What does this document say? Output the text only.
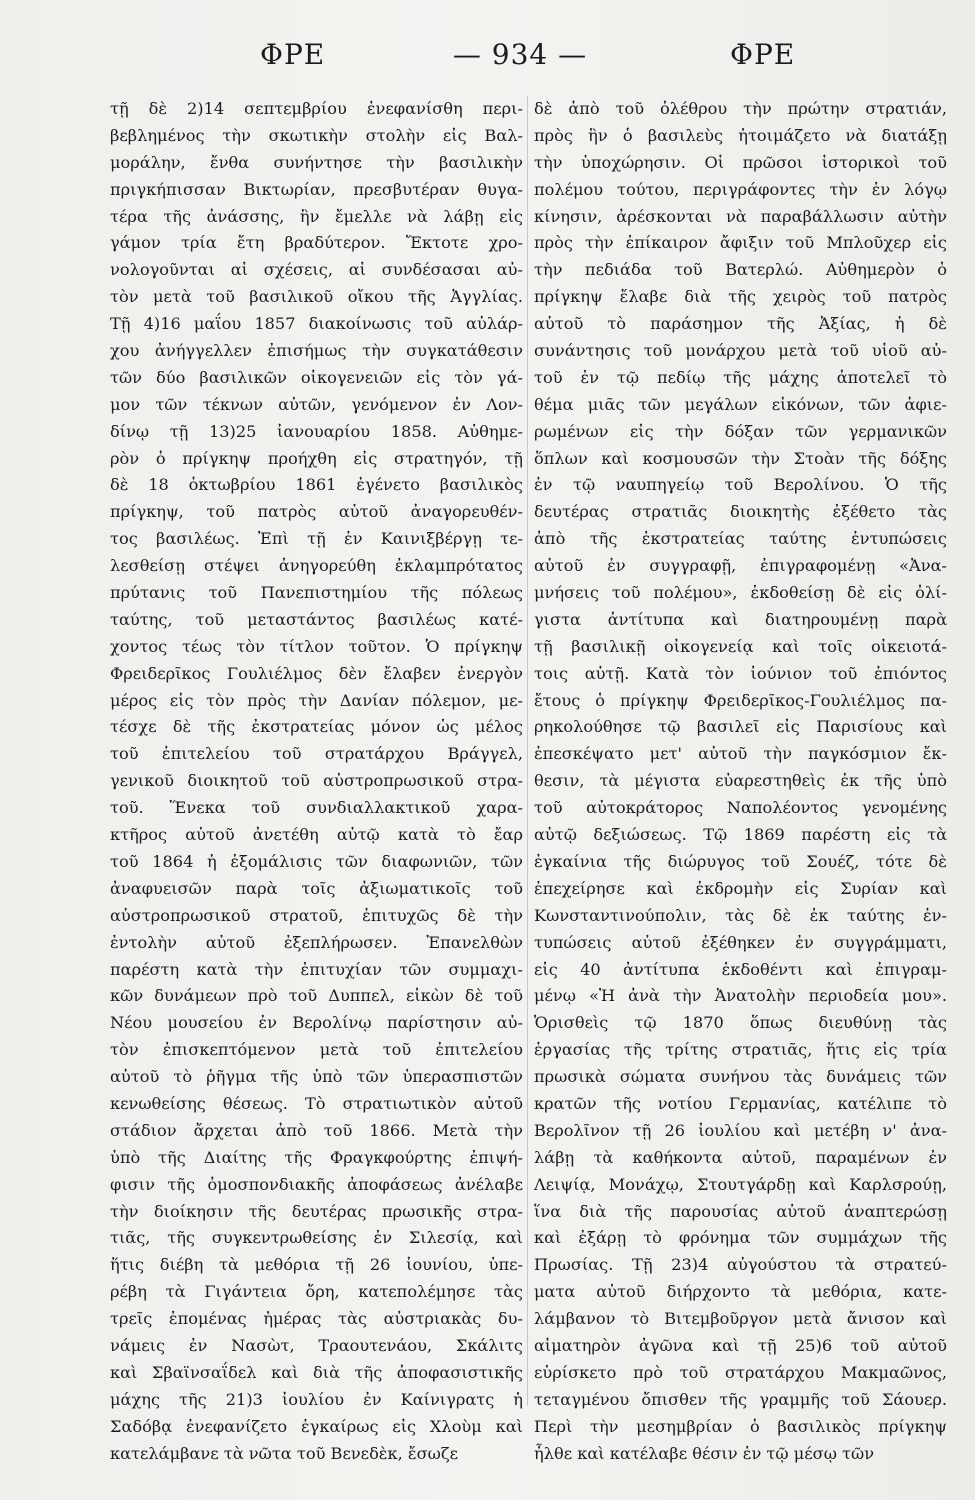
ΦΡΕ	— 934 —	ΦΡΕ
τῇ δὲ 2)14 σεπτεμβρίου ἐνεφανίσθη περι-
βεβλημένος τὴν σκωτικὴν στολὴν εἰς Βαλ-
μοράλην, ἔνθα συνήντησε τὴν βασιλικὴν
πριγκήπισσαν Βικτωρίαν, πρεσβυτέραν θυγα-
τέρα τῆς ἀνάσσης, ἣν ἔμελλε νὰ λάβῃ εἰς
γάμον τρία ἔτη βραδύτερον. Ἔκτοτε χρο-
νολογοῦνται αἱ σχέσεις, αἱ συνδέσασαι αὐ-
τὸν μετὰ τοῦ βασιλικοῦ οἴκου τῆς Ἀγγλίας.
Τῇ 4)16 μαΐου 1857 διακοίνωσις τοῦ αὐλάρ-
χου ἀνήγγελλεν ἐπισήμως τὴν συγκατάθεσιν
τῶν δύο βασιλικῶν οἰκογενειῶν εἰς τὸν γά-
μον τῶν τέκνων αὐτῶν, γενόμενον ἐν Λον-
δίνῳ τῇ 13)25 ἰανουαρίου 1858. Αὐθημε-
ρὸν ὁ πρίγκηψ προήχθη εἰς στρατηγόν, τῇ
δὲ 18 ὀκτωβρίου 1861 ἐγένετο βασιλικὸς
πρίγκηψ, τοῦ πατρὸς αὐτοῦ ἀναγορευθέν-
τος βασιλέως. Ἐπὶ τῇ ἐν Καινιξβέργῃ τε-
λεσθείσῃ στέψει ἀνηγορεύθη ἐκλαμπρότατος
πρύτανις τοῦ Πανεπιστημίου τῆς πόλεως
ταύτης, τοῦ μεταστάντος βασιλέως κατέ-
χοντος τέως τὸν τίτλον τοῦτον. Ὁ πρίγκηψ
Φρειδερῖκος Γουλιέλμος δὲν ἔλαβεν ἐνεργὸν
μέρος εἰς τὸν πρὸς τὴν Δανίαν πόλεμον, με-
τέσχε δὲ τῆς ἐκστρατείας μόνον ὡς μέλος
τοῦ ἐπιτελείου τοῦ στρατάρχου Βράγγελ,
γενικοῦ διοικητοῦ τοῦ αὐστροπρωσικοῦ στρα-
τοῦ. Ἕνεκα τοῦ συνδιαλλακτικοῦ χαρα-
κτῆρος αὐτοῦ ἀνετέθη αὐτῷ κατὰ τὸ ἔαρ
τοῦ 1864 ἡ ἐξομάλισις τῶν διαφωνιῶν, τῶν
ἀναφυεισῶν παρὰ τοῖς ἀξιωματικοῖς τοῦ
αὐστροπρωσικοῦ στρατοῦ, ἐπιτυχῶς δὲ τὴν
ἐντολὴν αὐτοῦ ἐξεπλήρωσεν. Ἐπανελθὼν
παρέστη κατὰ τὴν ἐπιτυχίαν τῶν συμμαχι-
κῶν δυνάμεων πρὸ τοῦ Δυππελ, εἰκὼν δὲ τοῦ
Νέου μουσείου ἐν Βερολίνῳ παρίστησιν αὐ-
τὸν ἐπισκεπτόμενον μετὰ τοῦ ἐπιτελείου
αὐτοῦ τὸ ῥῆγμα τῆς ὑπὸ τῶν ὑπερασπιστῶν
κενωθείσης θέσεως. Τὸ στρατιωτικὸν αὐτοῦ
στάδιον ἄρχεται ἀπὸ τοῦ 1866. Μετὰ τὴν
ὑπὸ τῆς Διαίτης τῆς Φραγκφούρτης ἐπιψή-
φισιν τῆς ὁμοσπονδιακῆς ἀποφάσεως ἀνέλαβε
τὴν διοίκησιν τῆς δευτέρας πρωσικῆς στρα-
τιᾶς, τῆς συγκεντρωθείσης ἐν Σιλεσίᾳ, καὶ
ἥτις διέβη τὰ μεθόρια τῇ 26 ἰουνίου, ὑπε-
ρέβη τὰ Γιγάντεια ὄρη, κατεπολέμησε τὰς
τρεῖς ἑπομένας ἡμέρας τὰς αὐστριακὰς δυ-
νάμεις ἐν Νασὼτ, Τραουτενάου, Σκάλιτς
καὶ Σβαϊνσαΐδελ καὶ διὰ τῆς ἀποφασιστικῆς
μάχης τῆς 21)3 ἰουλίου ἐν Καίνιγρατς ἡ
Σαδόβᾳ ἐνεφανίζετο ἐγκαίρως εἰς Χλοὺμ καὶ
κατελάμβανε τὰ νῶτα τοῦ Βενεδὲκ, ἔσωζε
δὲ ἀπὸ τοῦ ὀλέθρου τὴν πρώτην στρατιάν,
πρὸς ἣν ὁ βασιλεὺς ἡτοιμάζετο νὰ διατάξῃ
τὴν ὑποχώρησιν. Οἱ πρῶσοι ἱστορικοὶ τοῦ
πολέμου τούτου, περιγράφοντες τὴν ἐν λόγῳ
κίνησιν, ἀρέσκονται νὰ παραβάλλωσιν αὐτὴν
πρὸς τὴν ἐπίκαιρον ἄφιξιν τοῦ Μπλοῦχερ εἰς
τὴν πεδιάδα τοῦ Βατερλώ. Αὐθημερὸν ὁ
πρίγκηψ ἔλαβε διὰ τῆς χειρὸς τοῦ πατρὸς
αὐτοῦ τὸ παράσημον τῆς Ἀξίας, ἡ δὲ
συνάντησις τοῦ μονάρχου μετὰ τοῦ υἱοῦ αὐ-
τοῦ ἐν τῷ πεδίῳ τῆς μάχης ἀποτελεῖ τὸ
θέμα μιᾶς τῶν μεγάλων εἰκόνων, τῶν ἀφιε-
ρωμένων εἰς τὴν δόξαν τῶν γερμανικῶν
ὅπλων καὶ κοσμουσῶν τὴν Στοὰν τῆς δόξης
ἐν τῷ ναυπηγείῳ τοῦ Βερολίνου. Ὁ τῆς
δευτέρας στρατιᾶς διοικητὴς ἐξέθετο τὰς
ἀπὸ τῆς ἐκστρατείας ταύτης ἐντυπώσεις
αὐτοῦ ἐν συγγραφῇ, ἐπιγραφομένῃ «Ἀνα-
μνήσεις τοῦ πολέμου», ἐκδοθείσῃ δὲ εἰς ὀλί-
γιστα ἀντίτυπα καὶ διατηρουμένῃ παρὰ
τῇ βασιλικῇ οἰκογενείᾳ καὶ τοῖς οἰκειοτά-
τοις αὐτῇ. Κατὰ τὸν ἰούνιον τοῦ ἐπιόντος
ἔτους ὁ πρίγκηψ Φρειδερῖκος-Γουλιέλμος πα-
ρηκολούθησε τῷ βασιλεῖ εἰς Παρισίους καὶ
ἐπεσκέψατο μετ' αὐτοῦ τὴν παγκόσμιον ἔκ-
θεσιν, τὰ μέγιστα εὐαρεστηθεὶς ἐκ τῆς ὑπὸ
τοῦ αὐτοκράτορος Ναπολέοντος γενομένης
αὐτῷ δεξιώσεως. Τῷ 1869 παρέστη εἰς τὰ
ἐγκαίνια τῆς διώρυγος τοῦ Σουέζ, τότε δὲ
ἐπεχείρησε καὶ ἐκδρομὴν εἰς Συρίαν καὶ
Κωνσταντινούπολιν, τὰς δὲ ἐκ ταύτης ἐν-
τυπώσεις αὐτοῦ ἐξέθηκεν ἐν συγγράμματι,
εἰς 40 ἀντίτυπα ἐκδοθέντι καὶ ἐπιγραμ-
μένῳ «Ἡ ἀνὰ τὴν Ἀνατολὴν περιοδεία μου».
Ὁρισθεὶς τῷ 1870 ὅπως διευθύνῃ τὰς
ἐργασίας τῆς τρίτης στρατιᾶς, ἥτις εἰς τρία
πρωσικὰ σώματα συνήνου τὰς δυνάμεις τῶν
κρατῶν τῆς νοτίου Γερμανίας, κατέλιπε τὸ
Βερολῖνον τῇ 26 ἰουλίου καὶ μετέβη ν' ἀνα-
λάβῃ τὰ καθήκοντα αὐτοῦ, παραμένων ἐν
Λειψίᾳ, Μονάχῳ, Στουτγάρδῃ καὶ Καρλσρούῃ,
ἵνα διὰ τῆς παρουσίας αὐτοῦ ἀναπτερώσῃ
καὶ ἐξάρῃ τὸ φρόνημα τῶν συμμάχων τῆς
Πρωσίας. Τῇ 23)4 αὐγούστου τὰ στρατεύ-
ματα αὐτοῦ διήρχοντο τὰ μεθόρια, κατε-
λάμβανον τὸ Βιτεμβοῦργον μετὰ ἄνισον καὶ
αἱματηρὸν ἀγῶνα καὶ τῇ 25)6 τοῦ αὐτοῦ
εὑρίσκετο πρὸ τοῦ στρατάρχου Μακμαῶνος,
τεταγμένου ὄπισθεν τῆς γραμμῆς τοῦ Σάουερ.
Περὶ τὴν μεσημβρίαν ὁ βασιλικὸς πρίγκηψ
ἦλθε καὶ κατέλαβε θέσιν ἐν τῷ μέσῳ τῶν
